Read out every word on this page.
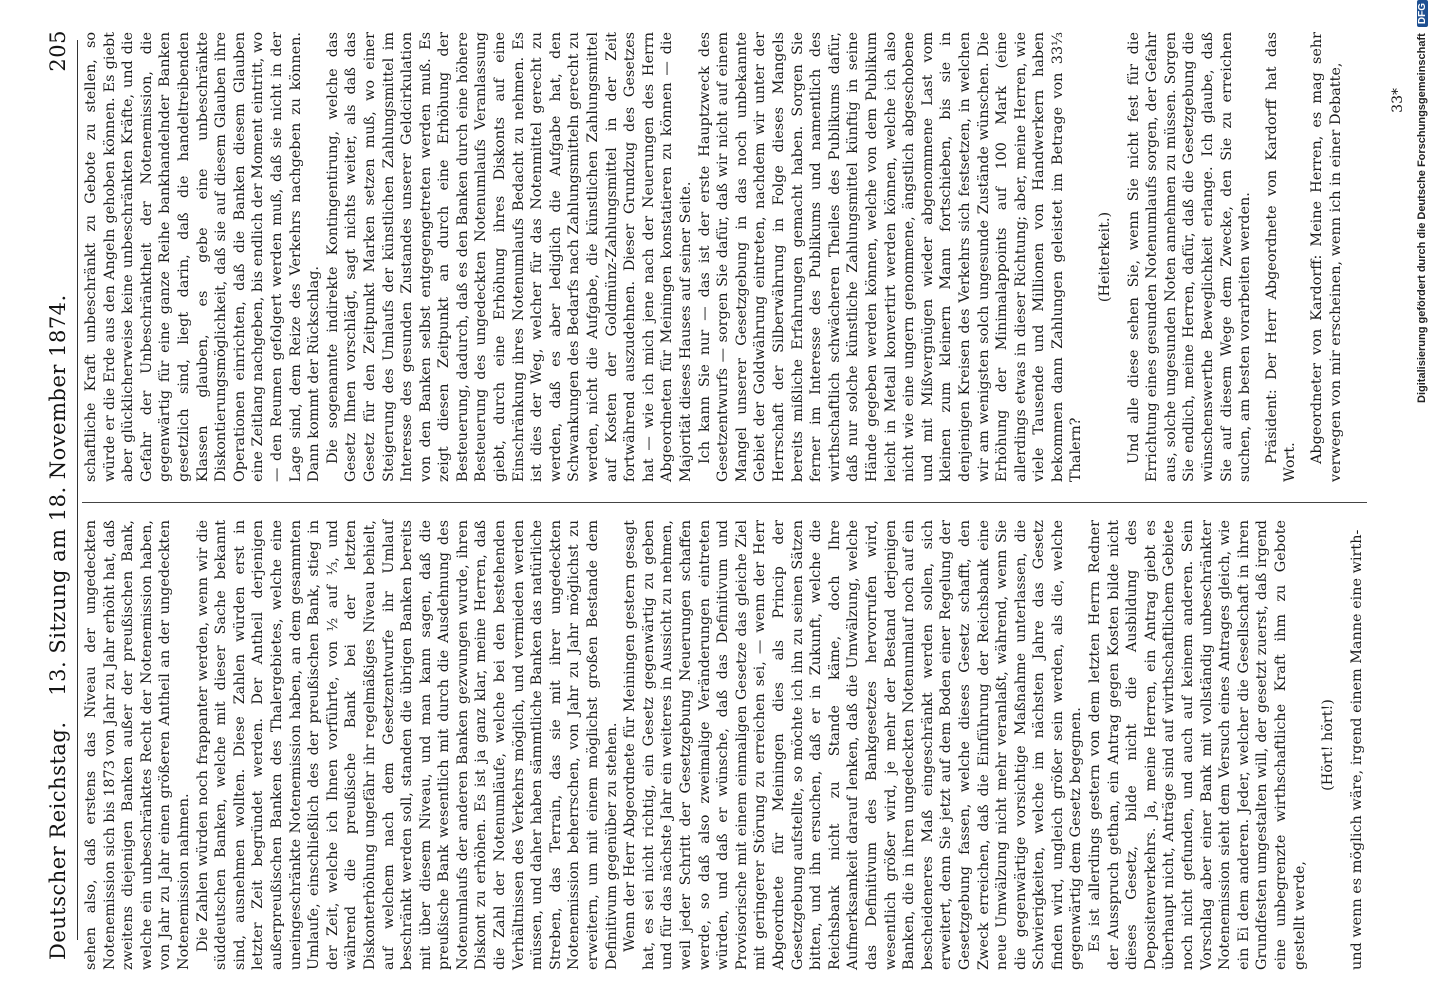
Deutscher Reichstag.
13. Sitzung am 18. November 1874.
205

sehen also, daß erstens das Niveau der ungedeckten Notenemission sich bis 1873 von Jahr zu Jahr erhöht hat, daß zweitens diejenigen Banken außer der preußischen Bank, welche ein unbeschränktes Recht der Notenemission haben, von Jahr zu Jahr einen größeren Antheil an der ungedeckten Notenemission nahmen. Die Zahlen würden noch frappanter werden, wenn wir die süddeutschen Banken, welche mit dieser Sache bekannt sind, ausnehmen wollten. Diese Zahlen würden erst in letzter Zeit begründet werden. Der Antheil derjenigen außerpreußischen Banken des Thalergebietes, welche eine uneingeschränkte Notenemission haben, an dem gesammten Umlaufe, einschließlich des der preußischen Bank, stieg in der Zeit, welche ich Ihnen vorführte, von ½ auf ⅓, und während die preußische Bank bei der letzten Diskonterhöhung ungefähr ihr regelmäßiges Niveau behielt, auf welchem nach dem Gesetzentwurfe ihr Umlauf beschränkt werden soll, standen die übrigen Banken bereits mit über diesem Niveau, und man kann sagen, daß die preußische Bank wesentlich mit durch die Ausdehnung des Notenumlaufs der anderen Banken gezwungen wurde, ihren Diskont zu erhöhen. Es ist ja ganz klar, meine Herren, daß die Zahl der Notenumläufe, welche bei den bestehenden Verhältnissen des Verkehrs möglich, und vermieden werden müssen, und daher haben sämmtliche Banken das natürliche Streben, das Terrain, das sie mit ihrer ungedeckten Notenemission beherrschen, von Jahr zu Jahr möglichst zu erweitern, um mit einem möglichst großen Bestande dem Definitivum gegenüber zu stehen. Wenn der Herr Abgeordnete für Meiningen gestern gesagt hat, es sei nicht richtig, ein Gesetz gegenwärtig zu geben und für das nächste Jahr ein weiteres in Aussicht zu nehmen, weil jeder Schritt der Gesetzgebung Neuerungen schaffen werde, so daß also zweimalige Veränderungen eintreten würden, und daß er wünsche, daß das Definitivum und Provisorische mit einem einmaligen Gesetze das gleiche Ziel mit geringerer Störung zu erreichen sei, — wenn der Herr Abgeordnete für Meiningen dies als Princip der Gesetzgebung aufstellte, so möchte ich ihn zu seinen Sätzen bitten, und ihn ersuchen, daß er in Zukunft, welche die Reichsbank nicht zu Stande käme, doch Ihre Aufmerksamkeit darauf lenken, daß die Umwälzung, welche das Definitivum des Bankgesetzes hervorrufen wird, wesentlich größer wird, je mehr der Bestand derjenigen Banken, die in ihren ungedeckten Notenumlauf noch auf ein bescheideneres Maß eingeschränkt werden sollen, sich erweitert, denn Sie jetzt auf dem Boden einer Regelung der Gesetzgebung fassen, welche dieses Gesetz schafft, den Zweck erreichen, daß die Einführung der Reichsbank eine neue Umwälzung nicht mehr veranlaßt, während, wenn Sie die gegenwärtige vorsichtige Maßnahme unterlassen, die Schwierigkeiten, welche im nächsten Jahre das Gesetz finden wird, ungleich größer sein werden, als die, welche gegenwärtig dem Gesetz begegnen. Es ist allerdings gestern von dem letzten Herrn Redner der Ausspruch gethan, ein Antrag gegen Kosten bilde nicht dieses Gesetz, bilde nicht die Ausbildung des Depositenverkehrs. Ja, meine Herren, ein Antrag giebt es überhaupt nicht, Anträge sind auf wirthschaftlichem Gebiete noch nicht gefunden, und auch auf keinem anderen. Sein Vorschlag aber einer Bank mit vollständig unbeschränkter Notenemission sieht dem Versuch eines Antrages gleich, wie ein Ei dem anderen. Jeder, welcher die Gesellschaft in ihren Grundfesten umgestalten will, der gesetzt zuerst, daß irgend eine unbegrenzte wirthschaftliche Kraft ihm zu Gebote gestellt werde,

(Hört! hört!) und wenn es möglich wäre, irgend einem Manne eine wirth-

schaftliche Kraft unbeschränkt zu Gebote zu stellen, so würde er die Erde aus den Angeln gehoben können. Es giebt aber glücklicherweise keine unbeschränkten Kräfte, und die Gefahr der Unbeschränktheit der Notenemission, die gegenwärtig für eine ganze Reihe bankhandelnder Banken gesetzlich sind, liegt darin, daß die handeltreibenden Klassen glauben, es gebe eine unbeschränkte Diskontierungsmöglichkeit, daß sie auf diesem Glauben ihre Operationen einrichten, daß die Banken diesem Glauben eine Zeitlang nachgeben, bis endlich der Moment eintritt, wo — den Reumen gefolgert werden muß, daß sie nicht in der Lage sind, dem Reize des Verkehrs nachgeben zu können. Dann kommt der Rückschlag. Die sogenannte indirekte Kontingentirung, welche das Gesetz Ihnen vorschlägt, sagt nichts weiter, als daß das Gesetz für den Zeitpunkt Marken setzen muß, wo einer Steigerung des Umlaufs der künstlichen Zahlungsmittel im Interesse des gesunden Zustandes unserer Geldcirkulation von den Banken selbst entgegengetreten werden muß. Es zeigt diesen Zeitpunkt an durch eine Erhöhung der Besteuerung, dadurch, daß es den Banken durch eine höhere Besteuerung des ungedeckten Notenumlaufs Veranlassung giebt, durch eine Erhöhung ihres Diskonts auf eine Einschränkung ihres Notenumlaufs Bedacht zu nehmen. Es ist dies der Weg, welcher für das Notenmittel gerecht zu werden, daß es aber lediglich die Aufgabe hat, den Schwankungen des Bedarfs nach Zahlungsmitteln gerecht zu werden, nicht die Aufgabe, die künstlichen Zahlungsmittel auf Kosten der Goldmünz-Zahlungsmittel in der Zeit fortwährend auszudehnen. Dieser Grundzug des Gesetzes hat — wie ich mich jene nach der Neuerungen des Herrn Abgeordneten für Meiningen konstatieren zu können — die Majorität dieses Hauses auf seiner Seite. Ich kann Sie nur — das ist der erste Hauptzweck des Gesetzentwurfs — sorgen Sie dafür, daß wir nicht auf einem Mangel unserer Gesetzgebung in das noch unbekannte Gebiet der Goldwährung eintreten, nachdem wir unter der Herrschaft der Silberwährung in Folge dieses Mangels bereits mißliche Erfahrungen gemacht haben. Sorgen Sie ferner im Interesse des Publikums und namentlich des wirthschaftlich schwächeren Theiles des Publikums dafür, daß nur solche künstliche Zahlungsmittel künftig in seine Hände gegeben werden können, welche von dem Publikum leicht in Metall konvertirt werden können, welche ich also nicht wie eine ungern genommene, ängstlich abgeschobene und mit Mißvergnügen wieder abgenommene Last vom kleinen zum kleinern Mann fortschieben, bis sie in denjenigen Kreisen des Verkehrs sich festsetzen, in welchen wir am wenigsten solch ungesunde Zustände wünschen. Die Erhöhung der Minimalappoints auf 100 Mark (eine allerdings etwas in dieser Richtung; aber, meine Herren, wie viele Tausende und Millionen von Handwerkern haben bekommen dann Zahlungen geleistet im Betrage von 33⅓ Thalern?

(Heiterkeit.) Und alle diese sehen Sie, wenn Sie nicht fest für die Errichtung eines gesunden Notenumlaufs sorgen, der Gefahr aus, solche ungesunden Noten annehmen zu müssen. Sorgen Sie endlich, meine Herren, dafür, daß die Gesetzgebung die wünschenswerthe Beweglichkeit erlange. Ich glaube, daß Sie auf diesem Wege dem Zwecke, den Sie zu erreichen suchen, am besten vorarbeiten werden. Präsident: Der Herr Abgeordnete von Kardorff hat das Wort. Abgeordneter von Kardorff: Meine Herren, es mag sehr verwegen von mir erscheinen, wenn ich in einer Debatte,	33* Digitalisierung gefördert durch die Deutsche Forschungsgemeinschaft DFG
